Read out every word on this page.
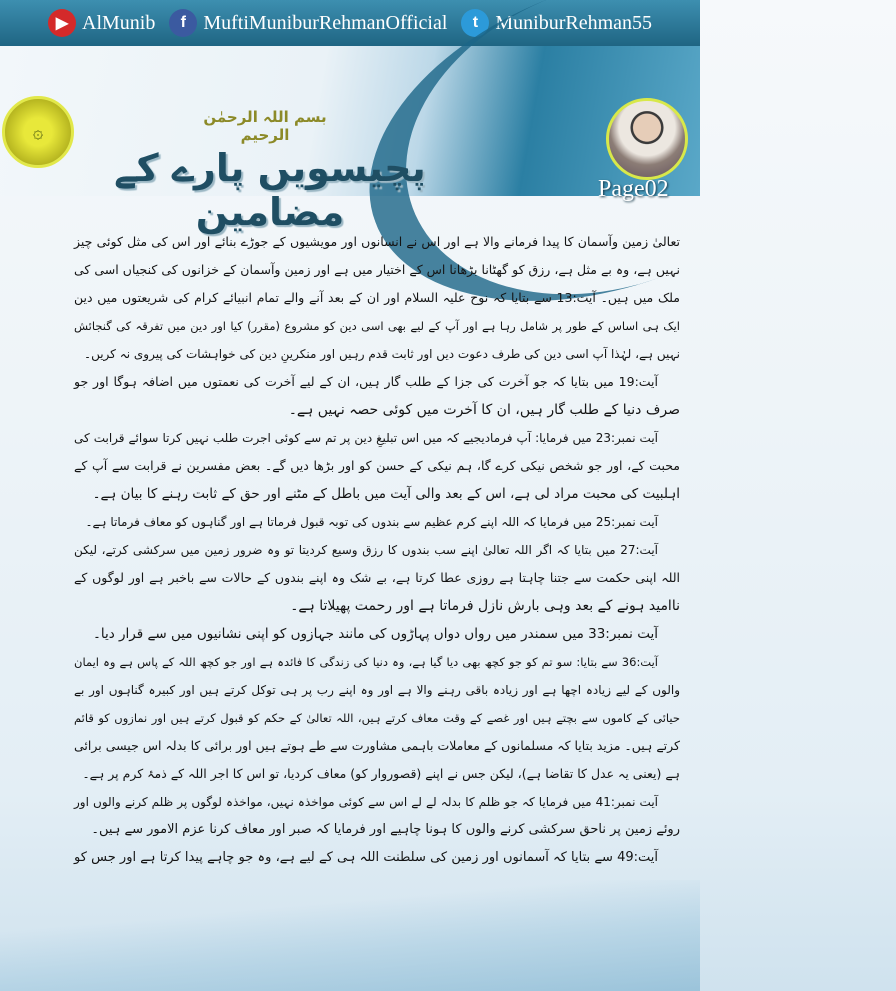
▶ AlMunib	f MuftiMuniburRehmanOfficial	t MuniburRehman55
۞
بسم اللہ الرحمٰن الرحیم
پچیسویں پارے کے مضامین
Page02
تعالیٰ زمین وآسمان کا پیدا فرمانے والا ہے اور اس نے انسانوں اور مویشیوں کے جوڑے بنائے اور اس کی مثل کوئی چیز
نہیں ہے، وہ بے مثل ہے، رزق کو گھٹانا بڑھانا اس کے اختیار میں ہے اور زمین وآسمان کے خزانوں کی کنجیاں اسی کی
ملک میں ہیں۔ آیت:13 سے بتایا کہ نوح علیہ السلام اور ان کے بعد آنے والے تمام انبیائے کرام کی شریعتوں میں دین
ایک ہی اساس کے طور پر شامل رہا ہے اور آپ کے لیے بھی اسی دین کو مشروع (مقرر) کیا اور دین میں تفرقہ کی گنجائش
نہیں ہے، لہٰذا آپ اسی دین کی طرف دعوت دیں اور ثابت قدم رہیں اور منکرینِ دین کی خواہشات کی پیروی نہ کریں۔
آیت:19 میں بتایا کہ جو آخرت کی جزا کے طلب گار ہیں، ان کے لیے آخرت کی نعمتوں میں اضافہ ہوگا اور جو
صرف دنیا کے طلب گار ہیں، ان کا آخرت میں کوئی حصہ نہیں ہے۔
آیت نمبر:23 میں فرمایا: آپ فرمادیجیے کہ میں اس تبلیغِ دین پر تم سے کوئی اجرت طلب نہیں کرتا سوائے قرابت کی
محبت کے، اور جو شخص نیکی کرے گا، ہم نیکی کے حسن کو اور بڑھا دیں گے۔ بعض مفسرین نے قرابت سے آپ کے
اہلبیت کی محبت مراد لی ہے، اس کے بعد والی آیت میں باطل کے مٹنے اور حق کے ثابت رہنے کا بیان ہے۔
آیت نمبر:25 میں فرمایا کہ اللہ اپنے کرم عظیم سے بندوں کی توبہ قبول فرماتا ہے اور گناہوں کو معاف فرماتا ہے۔
آیت:27 میں بتایا کہ اگر اللہ تعالیٰ اپنے سب بندوں کا رزق وسیع کردیتا تو وہ ضرور زمین میں سرکشی کرتے، لیکن
اللہ اپنی حکمت سے جتنا چاہتا ہے روزی عطا کرتا ہے، بے شک وہ اپنے بندوں کے حالات سے باخبر ہے اور لوگوں کے
ناامید ہونے کے بعد وہی بارش نازل فرماتا ہے اور رحمت پھیلاتا ہے۔
آیت نمبر:33 میں سمندر میں رواں دواں پہاڑوں کی مانند جہازوں کو اپنی نشانیوں میں سے قرار دیا۔
آیت:36 سے بتایا: سو تم کو جو کچھ بھی دیا گیا ہے، وہ دنیا کی زندگی کا فائدہ ہے اور جو کچھ اللہ کے پاس ہے وہ ایمان
والوں کے لیے زیادہ اچھا ہے اور زیادہ باقی رہنے والا ہے اور وہ اپنے رب پر ہی توکل کرتے ہیں اور کبیرہ گناہوں اور بے
حیائی کے کاموں سے بچتے ہیں اور غصے کے وقت معاف کرتے ہیں، اللہ تعالیٰ کے حکم کو قبول کرتے ہیں اور نمازوں کو قائم
کرتے ہیں۔ مزید بتایا کہ مسلمانوں کے معاملات باہمی مشاورت سے طے ہوتے ہیں اور برائی کا بدلہ اس جیسی برائی
ہے (یعنی یہ عدل کا تقاضا ہے)، لیکن جس نے اپنے (قصوروار کو) معاف کردیا، تو اس کا اجر اللہ کے ذمۂ کرم پر ہے۔
آیت نمبر:41 میں فرمایا کہ جو ظلم کا بدلہ لے لے اس سے کوئی مواخذہ نہیں، مواخذہ لوگوں پر ظلم کرنے والوں اور
روئے زمین پر ناحق سرکشی کرنے والوں کا ہونا چاہیے اور فرمایا کہ صبر اور معاف کرنا عزم الامور سے ہیں۔
آیت:49 سے بتایا کہ آسمانوں اور زمین کی سلطنت اللہ ہی کے لیے ہے، وہ جو چاہے پیدا کرتا ہے اور جس کو
